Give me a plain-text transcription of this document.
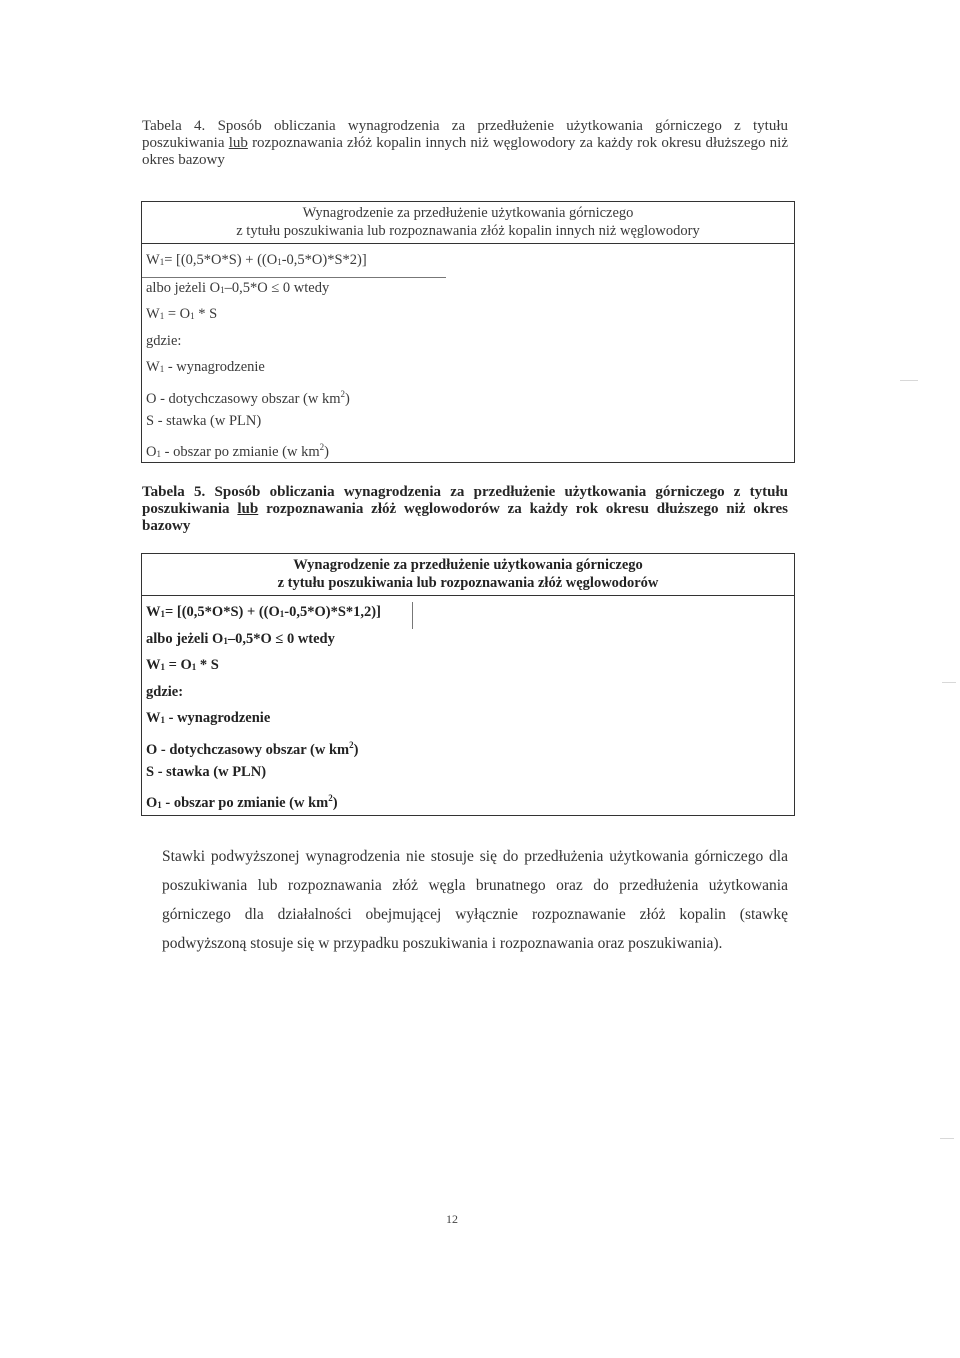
Tabela 4. Sposób obliczania wynagrodzenia za przedłużenie użytkowania górniczego z tytułu poszukiwania lub rozpoznawania złóż kopalin innych niż węglowodory za każdy rok okresu dłuższego niż okres bazowy
Wynagrodzenie za przedłużenie użytkowania górniczego
z tytułu poszukiwania lub rozpoznawania złóż kopalin innych niż węglowodory
$W_1= [(0,5*O*S) + ((O_1-0,5*O)*S*2)]$
albo jeżeli $O_1-0,5*O \le 0$ wtedy
$W_1 = O_1 * S$
gdzie:
$W_1$ - wynagrodzenie
O - dotychczasowy obszar (w $km^2$)
S - stawka (w PLN)
$O_1$ - obszar po zmianie (w $km^2$)
Tabela 5. Sposób obliczania wynagrodzenia za przedłużenie użytkowania górniczego z tytułu poszukiwania lub rozpoznawania złóż węglowodorów za każdy rok okresu dłuższego niż okres bazowy
Wynagrodzenie za przedłużenie użytkowania górniczego
z tytułu poszukiwania lub rozpoznawania złóż węglowodorów
$W_1= [(0,5*O*S) + ((O_1-0,5*O)*S*1,2)]$
albo jeżeli $O_1-0,5*O \le 0$ wtedy
$W_1 = O_1 * S$
gdzie:
$W_1$ - wynagrodzenie
O - dotychczasowy obszar (w $km^2$)
S - stawka (w PLN)
$O_1$ - obszar po zmianie (w $km^2$)
Stawki podwyższonej wynagrodzenia nie stosuje się do przedłużenia użytkowania górniczego dla poszukiwania lub rozpoznawania złóż węgla brunatnego oraz do przedłużenia użytkowania górniczego dla działalności obejmującej wyłącznie rozpoznawanie złóż kopalin (stawkę podwyższoną stosuje się w przypadku poszukiwania i rozpoznawania oraz poszukiwania).
12
